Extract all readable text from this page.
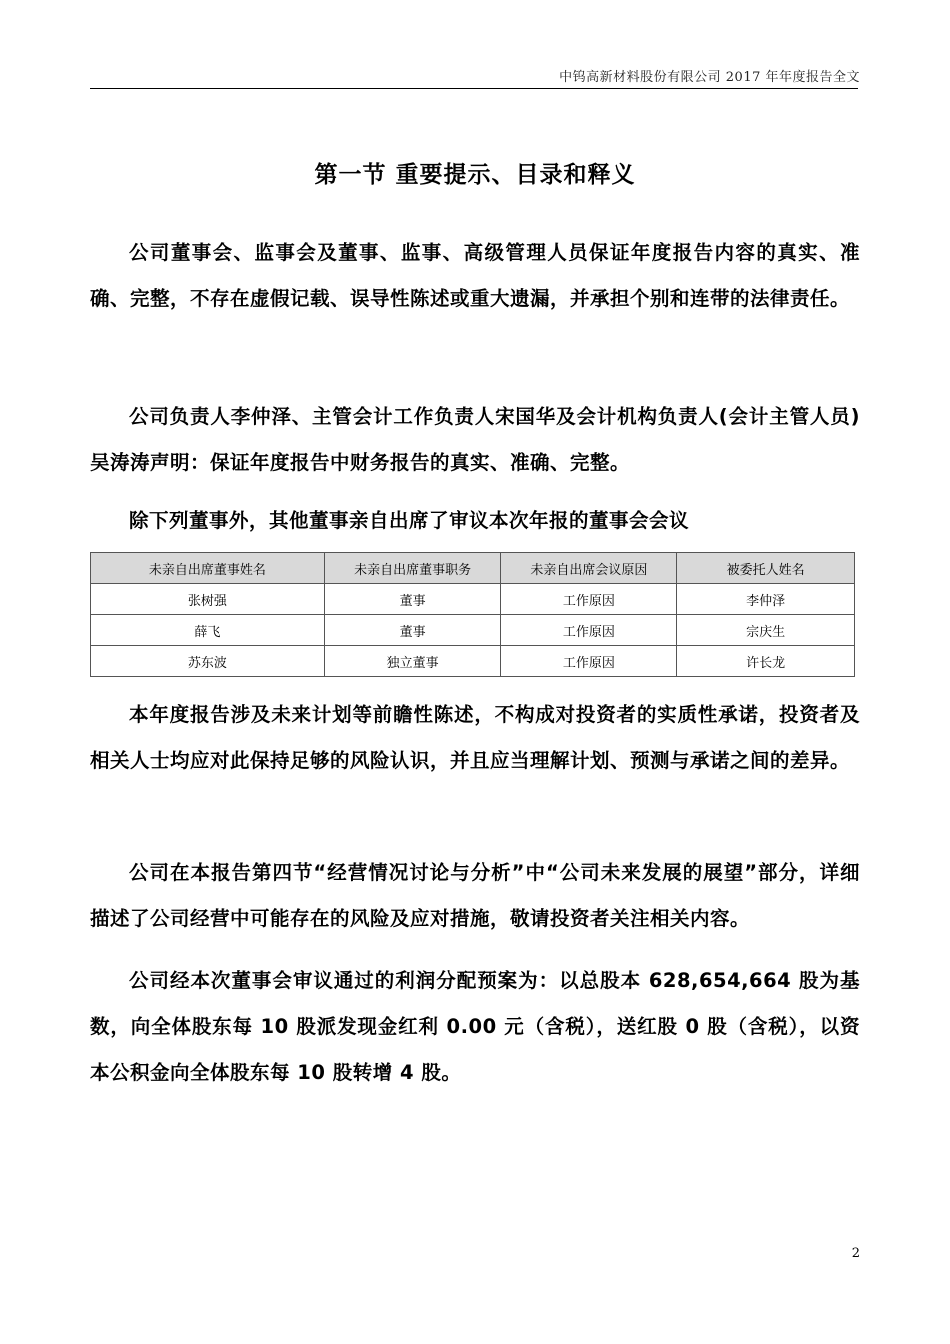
中钨高新材料股份有限公司 2017 年年度报告全文
第一节 重要提示、目录和释义

公司董事会、监事会及董事、监事、高级管理人员保证年度报告内容的真实、准确、完整，不存在虚假记载、误导性陈述或重大遗漏，并承担个别和连带的法律责任。

公司负责人李仲泽、主管会计工作负责人宋国华及会计机构负责人(会计主管人员)吴涛涛声明：保证年度报告中财务报告的真实、准确、完整。

除下列董事外，其他董事亲自出席了审议本次年报的董事会会议

未亲自出席董事姓名	未亲自出席董事职务	未亲自出席会议原因	被委托人姓名
张树强	董事	工作原因	李仲泽
薛飞	董事	工作原因	宗庆生
苏东波	独立董事	工作原因	许长龙

本年度报告涉及未来计划等前瞻性陈述，不构成对投资者的实质性承诺，投资者及相关人士均应对此保持足够的风险认识，并且应当理解计划、预测与承诺之间的差异。

公司在本报告第四节“经营情况讨论与分析”中“公司未来发展的展望”部分，详细描述了公司经营中可能存在的风险及应对措施，敬请投资者关注相关内容。

公司经本次董事会审议通过的利润分配预案为：以总股本 628,654,664 股为基数，向全体股东每 10 股派发现金红利 0.00 元（含税），送红股 0 股（含税），以资本公积金向全体股东每 10 股转增 4 股。

2
